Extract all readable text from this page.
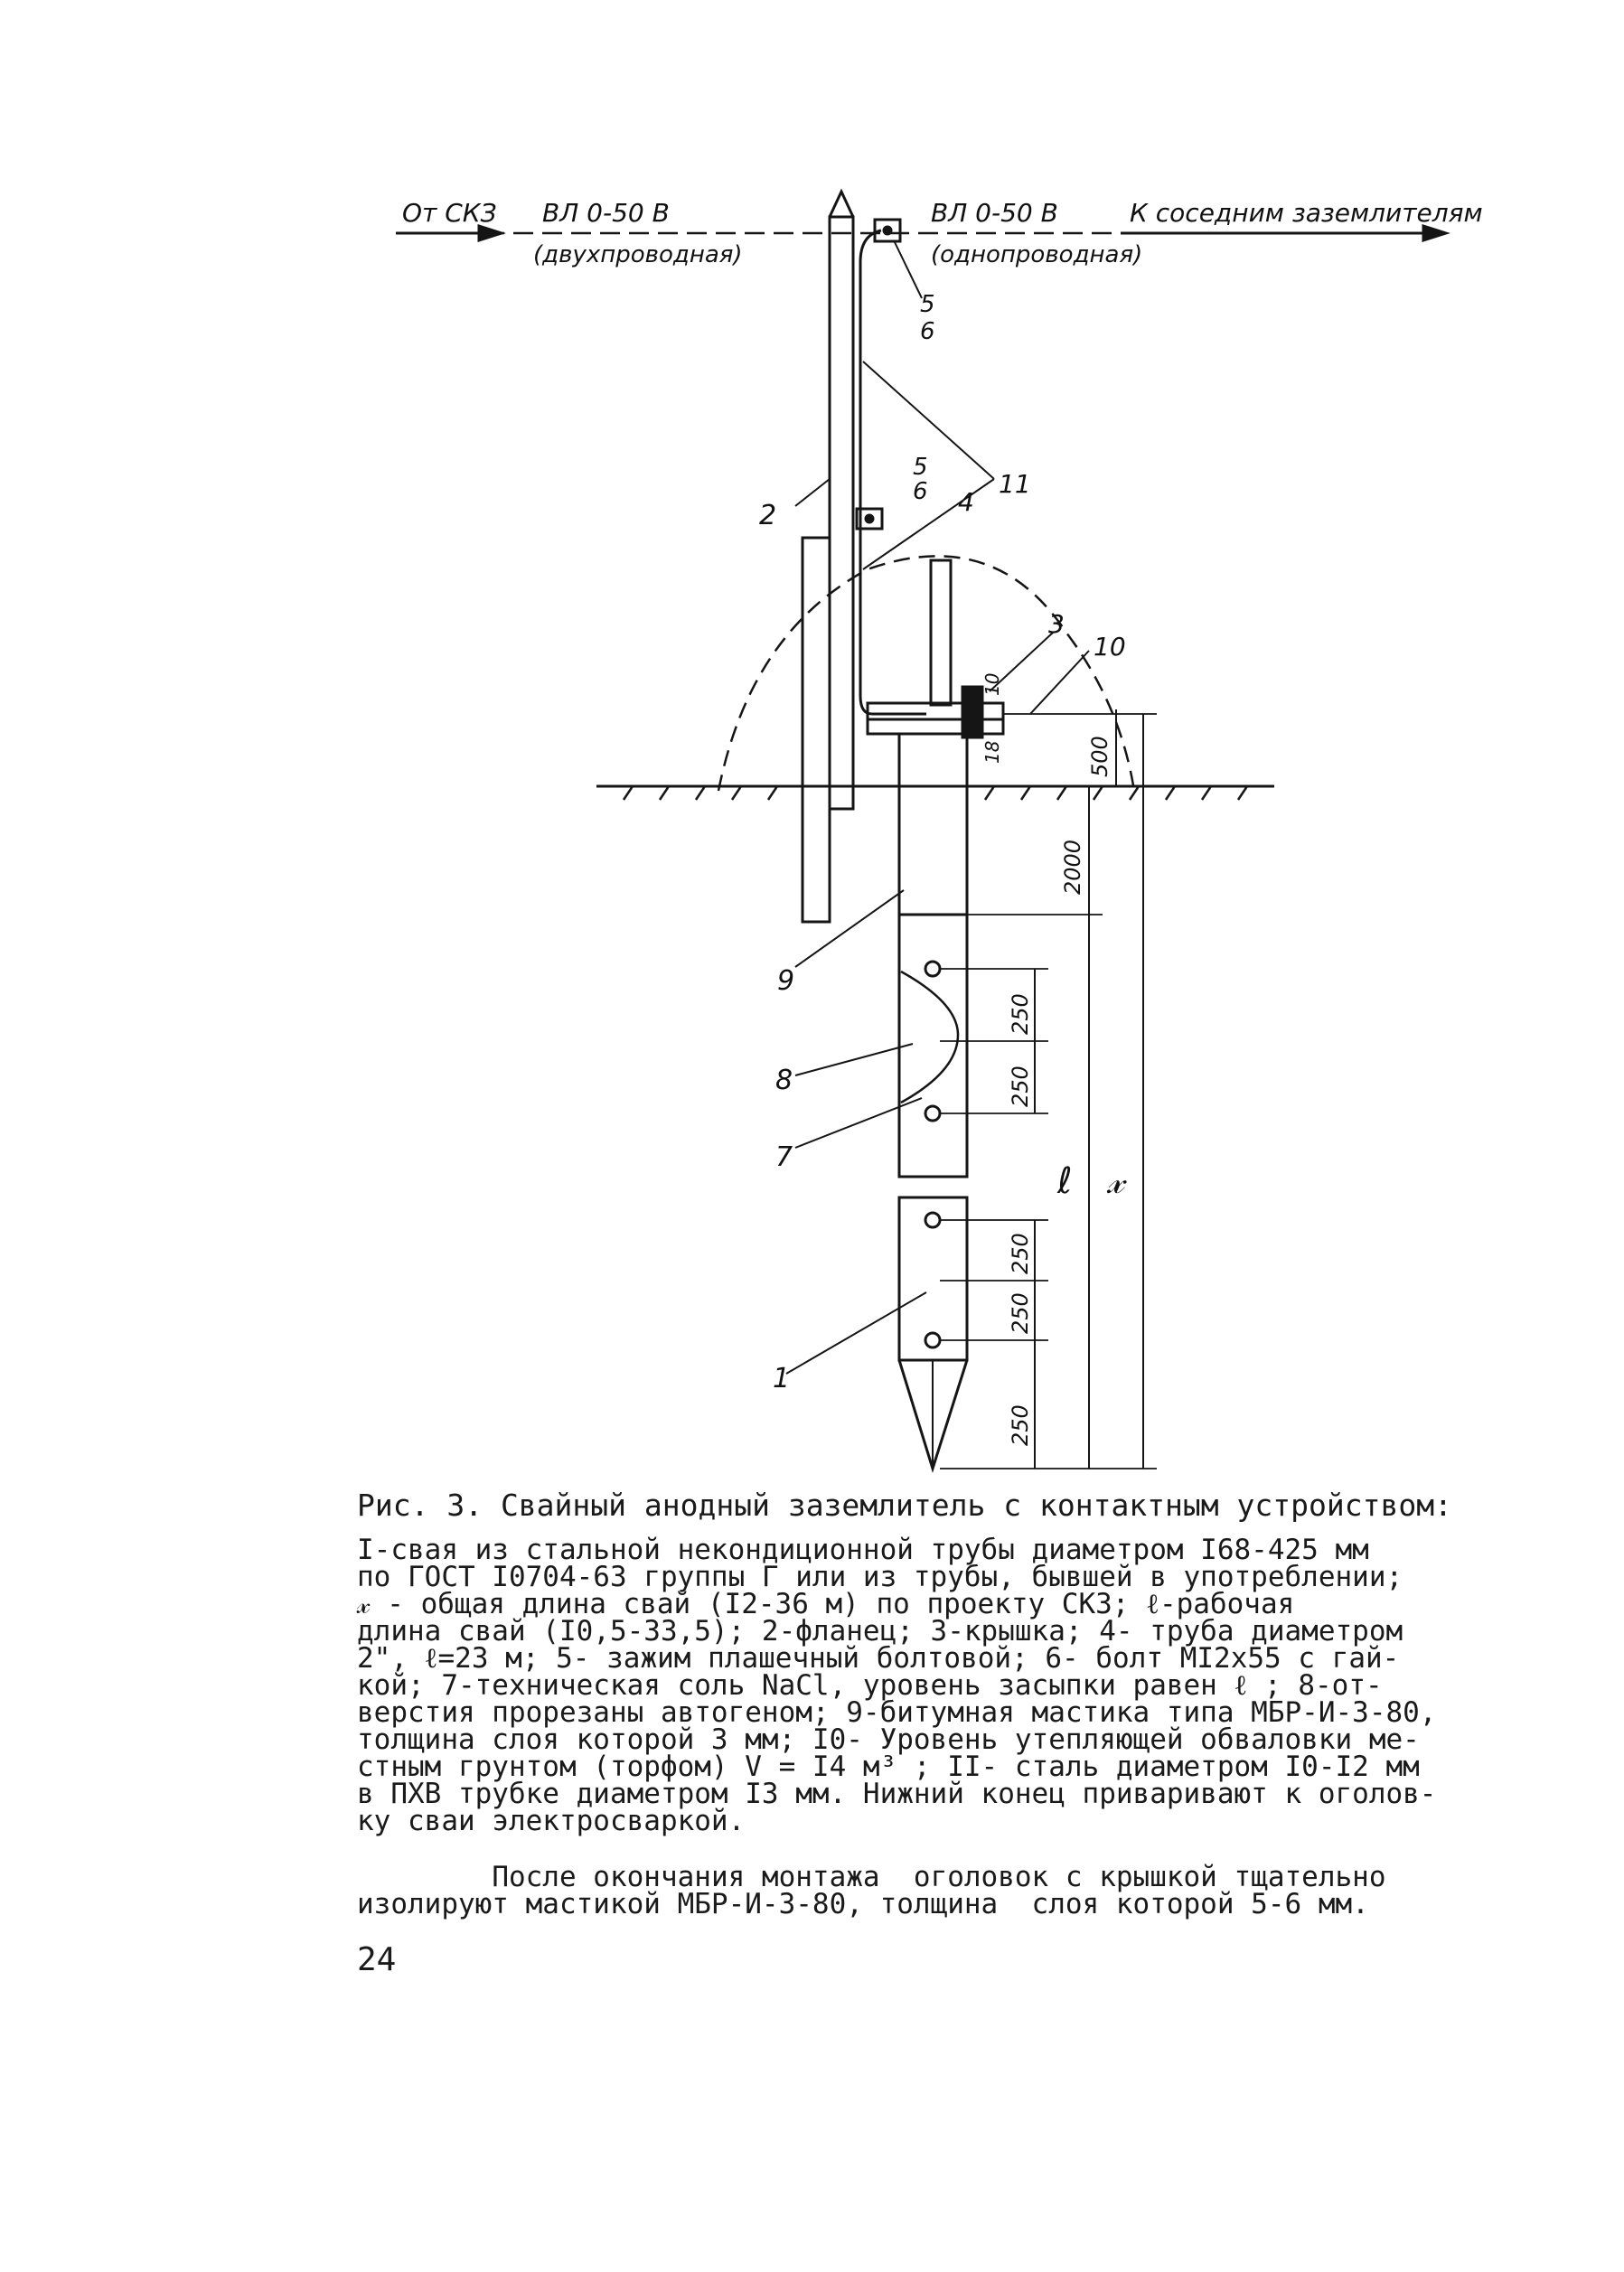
От СКЗ ВЛ 0-50 В
(двухпроводная)
ВЛ 0-50 В
(однопроводная)
К соседним заземлителям
5
6
5
6 4
11
2
3
10
9
8
7
1
500
10
18
2000
250
250
250
250
250
ℓ 𝓍

Рис. 3. Свайный анодный заземлитель с контактным устройством:

I-свая из стальной некондиционной трубы диаметром I68-425 мм
по ГОСТ I0704-63 группы Г или из трубы, бывшей в употреблении;
𝓍 - общая длина свай (I2-36 м) по проекту СКЗ; ℓ-рабочая
длина свай (I0,5-33,5); 2-фланец; 3-крышка; 4- труба диаметром
2", ℓ=23 м; 5- зажим плашечный болтовой; 6- болт МI2х55 с гай-
кой; 7-техническая соль NaCl, уровень засыпки равен ℓ ; 8-от-
верстия прорезаны автогеном; 9-битумная мастика типа МБР-И-3-80,
толщина слоя которой 3 мм; I0- Уровень утепляющей обваловки ме-
стным грунтом (торфом) V = I4 м³ ; II- сталь диаметром I0-I2 мм
в ПХВ трубке диаметром I3 мм. Нижний конец приваривают к оголов-
ку сваи электросваркой.

После окончания монтажа  оголовок с крышкой тщательно
изолируют мастикой МБР-И-3-80, толщина  слоя которой 5-6 мм.

24
